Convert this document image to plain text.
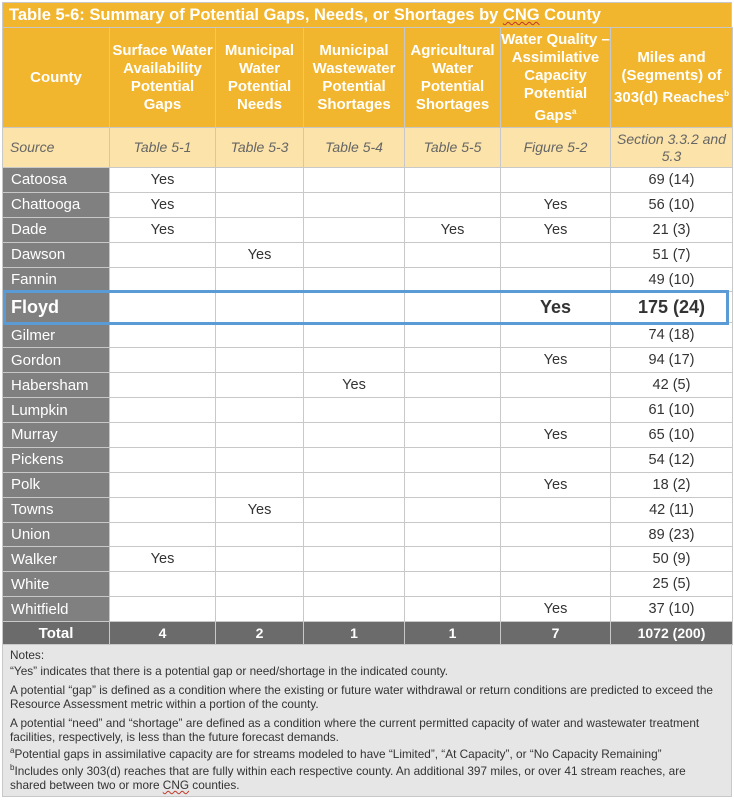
Table 5-6: Summary of Potential Gaps, Needs, or Shortages by CNG County
County	Surface Water Availability Potential Gaps	Municipal Water Potential Needs	Municipal Wastewater Potential Shortages	Agricultural Water Potential Shortages	Water Quality – Assimilative Capacity Potential Gaps$^a$	Miles and (Segments) of 303(d) Reaches$^b$
Source	Table 5-1	Table 5-3	Table 5-4	Table 5-5	Figure 5-2	Section 3.3.2 and 5.3
Catoosa	Yes					69 (14)
Chattooga	Yes				Yes	56 (10)
Dade	Yes			Yes	Yes	21 (3)
Dawson		Yes				51 (7)
Fannin						49 (10)
Floyd					Yes	175 (24)
Gilmer						74 (18)
Gordon					Yes	94 (17)
Habersham			Yes			42 (5)
Lumpkin						61 (10)
Murray					Yes	65 (10)
Pickens						54 (12)
Polk					Yes	18 (2)
Towns		Yes				42 (11)
Union						89 (23)
Walker	Yes					50 (9)
White						25 (5)
Whitfield					Yes	37 (10)
Total	4	2	1	1	7	1072 (200)

Notes:

“Yes” indicates that there is a potential gap or need/shortage in the indicated county.

A potential “gap” is defined as a condition where the existing or future water withdrawal or return conditions are predicted to exceed the Resource Assessment metric within a portion of the county.

A potential “need” and “shortage” are defined as a condition where the current permitted capacity of water and wastewater treatment facilities, respectively, is less than the future forecast demands.

$^a$Potential gaps in assimilative capacity are for streams modeled to have “Limited”, “At Capacity”, or “No Capacity Remaining”

$^b$Includes only 303(d) reaches that are fully within each respective county. An additional 397 miles, or over 41 stream reaches, are shared between two or more CNG counties.
